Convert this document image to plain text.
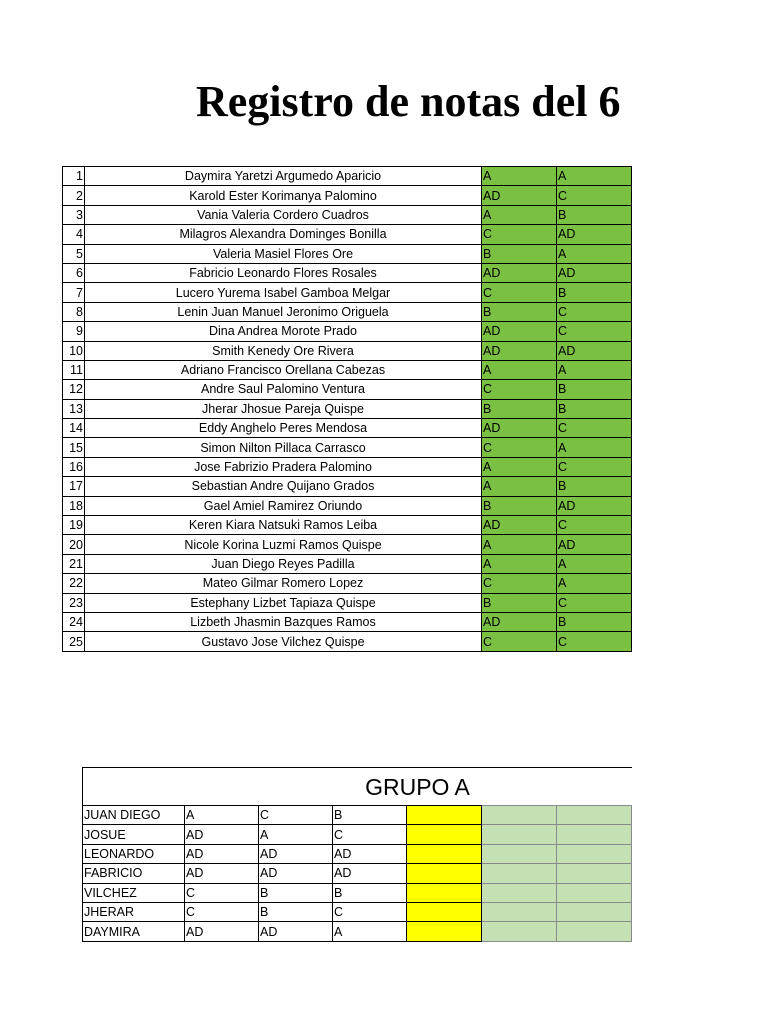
Registro de notas del 6
1	Daymira Yaretzi Argumedo Aparicio	A	A
2	Karold Ester Korimanya Palomino	AD	C
3	Vania Valeria Cordero Cuadros	A	B
4	Milagros Alexandra Dominges Bonilla	C	AD
5	Valeria Masiel Flores Ore	B	A
6	Fabricio Leonardo Flores Rosales	AD	AD
7	Lucero Yurema Isabel Gamboa Melgar	C	B
8	Lenin Juan Manuel Jeronimo Origuela	B	C
9	Dina Andrea Morote Prado	AD	C
10	Smith Kenedy Ore Rivera	AD	AD
11	Adriano Francisco Orellana Cabezas	A	A
12	Andre Saul Palomino Ventura	C	B
13	Jherar Jhosue Pareja Quispe	B	B
14	Eddy Anghelo Peres Mendosa	AD	C
15	Simon Nilton Pillaca Carrasco	C	A
16	Jose Fabrizio Pradera Palomino	A	C
17	Sebastian Andre Quijano Grados	A	B
18	Gael Amiel Ramirez Oriundo	B	AD
19	Keren Kiara Natsuki Ramos Leiba	AD	C
20	Nicole Korina Luzmi Ramos Quispe	A	AD
21	Juan Diego Reyes Padilla	A	A
22	Mateo Gilmar Romero Lopez	C	A
23	Estephany Lizbet Tapiaza Quispe	B	C
24	Lizbeth Jhasmin Bazques Ramos	AD	B
25	Gustavo Jose Vilchez Quispe	C	C
GRUPO A
JUAN DIEGO	A	C	B			
JOSUE	AD	A	C			
LEONARDO	AD	AD	AD			
FABRICIO	AD	AD	AD			
VILCHEZ	C	B	B			
JHERAR	C	B	C			
DAYMIRA	AD	AD	A			
